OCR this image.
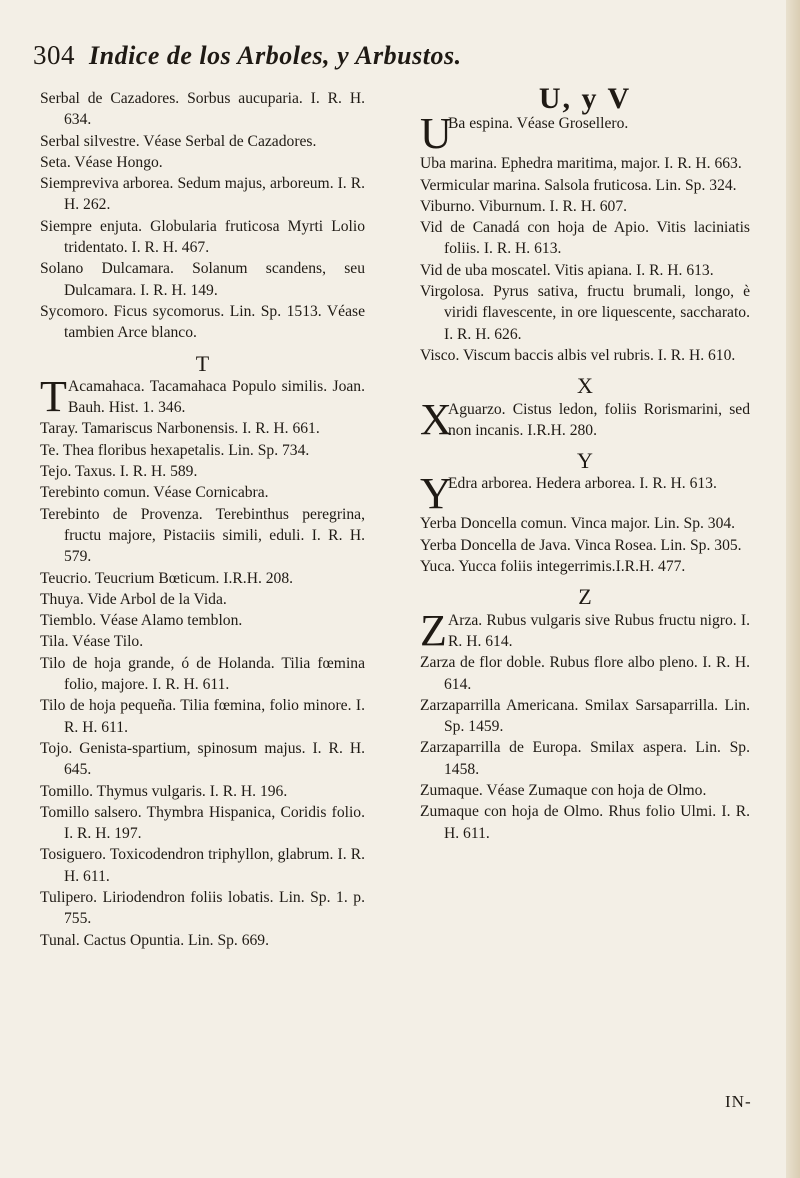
304 Indice de los Arboles, y Arbustos.

Serbal de Cazadores. Sorbus aucuparia. I. R. H. 634.

Serbal silvestre. Véase Serbal de Cazadores.

Seta. Véase Hongo.

Siempreviva arborea. Sedum majus, arboreum. I. R. H. 262.

Siempre enjuta. Globularia fruticosa Myrti Lolio tridentato. I. R. H. 467.

Solano Dulcamara. Solanum scandens, seu Dulcamara. I. R. H. 149.

Sycomoro. Ficus sycomorus. Lin. Sp. 1513. Véase tambien Arce blanco.

T
T Acamahaca. Tacamahaca Populo similis. Joan. Bauh. Hist. 1. 346.

Taray. Tamariscus Narbonensis. I. R. H. 661.

Te. Thea floribus hexapetalis. Lin. Sp. 734.

Tejo. Taxus. I. R. H. 589.

Terebinto comun. Véase Cornicabra.

Terebinto de Provenza. Terebinthus peregrina, fructu majore, Pistaciis simili, eduli. I. R. H. 579.

Teucrio. Teucrium Bœticum. I.R.H. 208.

Thuya. Vide Arbol de la Vida.

Tiemblo. Véase Alamo temblon.

Tila. Véase Tilo.

Tilo de hoja grande, ó de Holanda. Tilia fœmina folio, majore. I. R. H. 611.

Tilo de hoja pequeña. Tilia fœmina, folio minore. I. R. H. 611.

Tojo. Genista-spartium, spinosum majus. I. R. H. 645.

Tomillo. Thymus vulgaris. I. R. H. 196.

Tomillo salsero. Thymbra Hispanica, Coridis folio. I. R. H. 197.

Tosiguero. Toxicodendron triphyllon, glabrum. I. R. H. 611.

Tulipero. Liriodendron foliis lobatis. Lin. Sp. 1. p. 755.

Tunal. Cactus Opuntia. Lin. Sp. 669.

U, y V
U
Ba espina. Véase Grosellero.

Uba marina. Ephedra maritima, major. I. R. H. 663.

Vermicular marina. Salsola fruticosa. Lin. Sp. 324.

Viburno. Viburnum. I. R. H. 607.

Vid de Canadá con hoja de Apio. Vitis laciniatis foliis. I. R. H. 613.

Vid de uba moscatel. Vitis apiana. I. R. H. 613.

Virgolosa. Pyrus sativa, fructu brumali, longo, è viridi flavescente, in ore liquescente, saccharato. I. R. H. 626.

Visco. Viscum baccis albis vel rubris. I. R. H. 610.

X
X
Aguarzo. Cistus ledon, foliis Rorismarini, sed non incanis. I.R.H. 280.
Y
Y
Edra arborea. Hedera arborea. I. R. H. 613.

Yerba Doncella comun. Vinca major. Lin. Sp. 304.

Yerba Doncella de Java. Vinca Rosea. Lin. Sp. 305.

Yuca. Yucca foliis integerrimis.I.R.H. 477.

Z
Z Arza. Rubus vulgaris sive Rubus fructu nigro. I. R. H. 614.

Zarza de flor doble. Rubus flore albo pleno. I. R. H. 614.

Zarzaparrilla Americana. Smilax Sarsaparrilla. Lin. Sp. 1459.

Zarzaparrilla de Europa. Smilax aspera. Lin. Sp. 1458.

Zumaque. Véase Zumaque con hoja de Olmo.

Zumaque con hoja de Olmo. Rhus folio Ulmi. I. R. H. 611.

IN-
